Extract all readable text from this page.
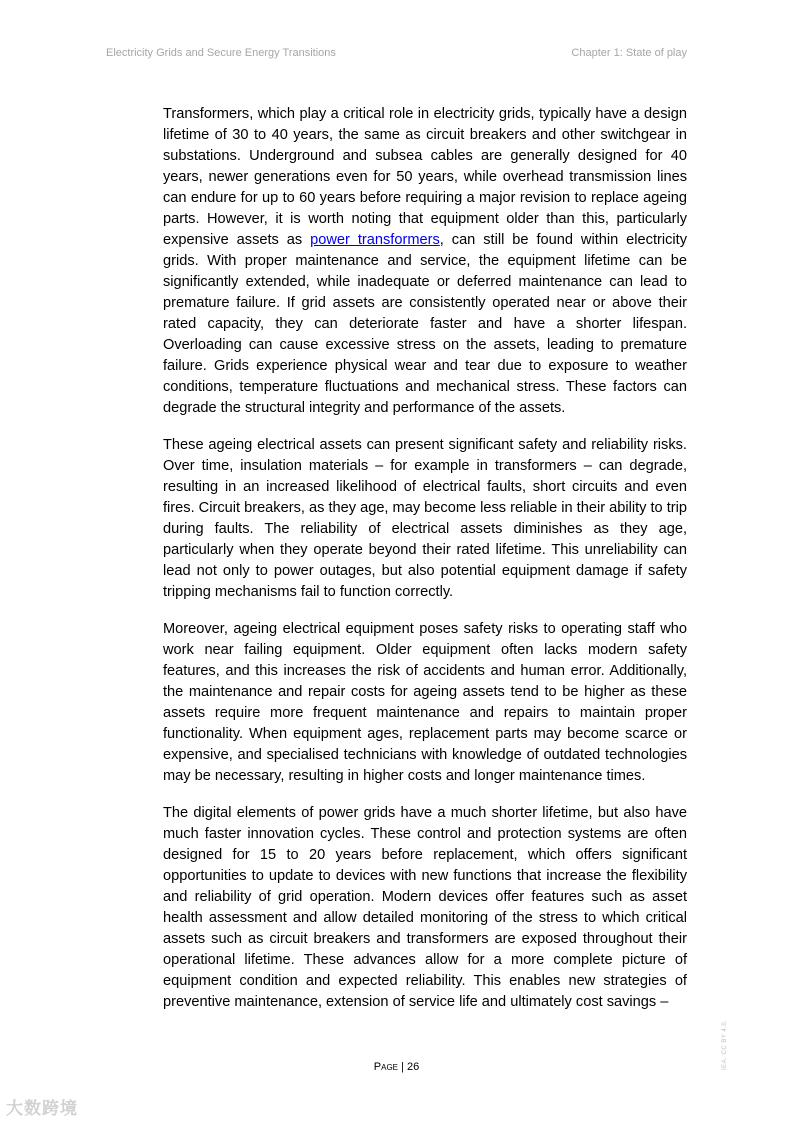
Electricity Grids and Secure Energy Transitions	Chapter 1: State of play

Transformers, which play a critical role in electricity grids, typically have a design lifetime of 30 to 40 years, the same as circuit breakers and other switchgear in substations. Underground and subsea cables are generally designed for 40 years, newer generations even for 50 years, while overhead transmission lines can endure for up to 60 years before requiring a major revision to replace ageing parts. However, it is worth noting that equipment older than this, particularly expensive assets as power transformers, can still be found within electricity grids. With proper maintenance and service, the equipment lifetime can be significantly extended, while inadequate or deferred maintenance can lead to premature failure. If grid assets are consistently operated near or above their rated capacity, they can deteriorate faster and have a shorter lifespan. Overloading can cause excessive stress on the assets, leading to premature failure. Grids experience physical wear and tear due to exposure to weather conditions, temperature fluctuations and mechanical stress. These factors can degrade the structural integrity and performance of the assets.

These ageing electrical assets can present significant safety and reliability risks. Over time, insulation materials – for example in transformers – can degrade, resulting in an increased likelihood of electrical faults, short circuits and even fires. Circuit breakers, as they age, may become less reliable in their ability to trip during faults. The reliability of electrical assets diminishes as they age, particularly when they operate beyond their rated lifetime. This unreliability can lead not only to power outages, but also potential equipment damage if safety tripping mechanisms fail to function correctly.

Moreover, ageing electrical equipment poses safety risks to operating staff who work near failing equipment. Older equipment often lacks modern safety features, and this increases the risk of accidents and human error. Additionally, the maintenance and repair costs for ageing assets tend to be higher as these assets require more frequent maintenance and repairs to maintain proper functionality. When equipment ages, replacement parts may become scarce or expensive, and specialised technicians with knowledge of outdated technologies may be necessary, resulting in higher costs and longer maintenance times.

The digital elements of power grids have a much shorter lifetime, but also have much faster innovation cycles. These control and protection systems are often designed for 15 to 20 years before replacement, which offers significant opportunities to update to devices with new functions that increase the flexibility and reliability of grid operation. Modern devices offer features such as asset health assessment and allow detailed monitoring of the stress to which critical assets such as circuit breakers and transformers are exposed throughout their operational lifetime. These advances allow for a more complete picture of equipment condition and expected reliability. This enables new strategies of preventive maintenance, extension of service life and ultimately cost savings –

Page | 26	IEA. CC BY 4.0.
大数跨境
